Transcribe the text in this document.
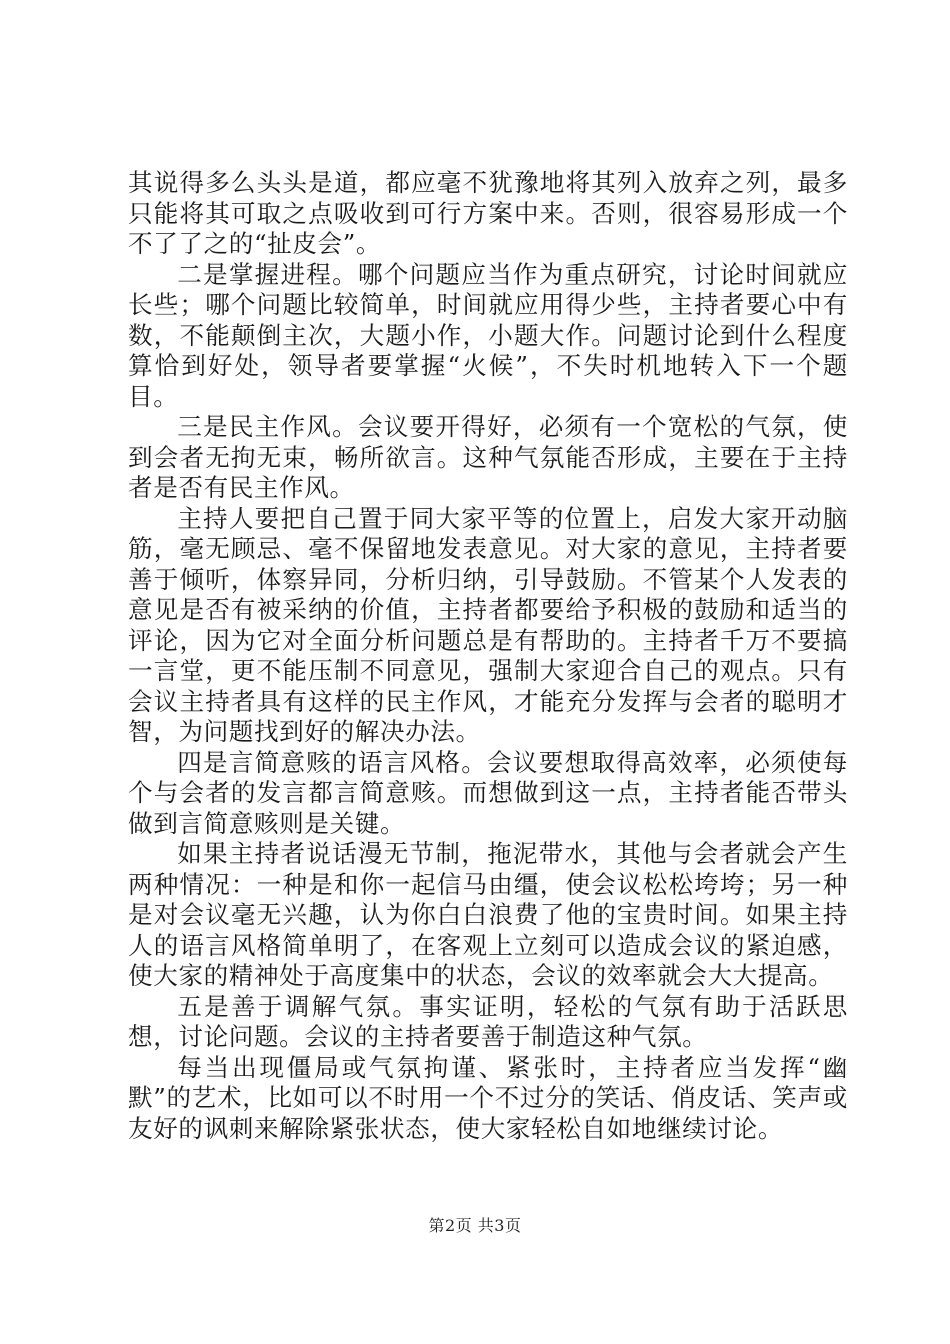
其说得多么头头是道，都应毫不犹豫地将其列入放弃之列，最多只能将其可取之点吸收到可行方案中来。否则，很容易形成一个不了了之的“扯皮会”。

二是掌握进程。哪个问题应当作为重点研究，讨论时间就应长些；哪个问题比较简单，时间就应用得少些，主持者要心中有数，不能颠倒主次，大题小作，小题大作。问题讨论到什么程度算恰到好处，领导者要掌握“火候”，不失时机地转入下一个题目。

三是民主作风。会议要开得好，必须有一个宽松的气氛，使到会者无拘无束，畅所欲言。这种气氛能否形成，主要在于主持者是否有民主作风。

主持人要把自己置于同大家平等的位置上，启发大家开动脑筋，毫无顾忌、毫不保留地发表意见。对大家的意见，主持者要善于倾听，体察异同，分析归纳，引导鼓励。不管某个人发表的意见是否有被采纳的价值，主持者都要给予积极的鼓励和适当的评论，因为它对全面分析问题总是有帮助的。主持者千万不要搞一言堂，更不能压制不同意见，强制大家迎合自己的观点。只有会议主持者具有这样的民主作风，才能充分发挥与会者的聪明才智，为问题找到好的解决办法。

四是言简意赅的语言风格。会议要想取得高效率，必须使每个与会者的发言都言简意赅。而想做到这一点，主持者能否带头做到言简意赅则是关键。

如果主持者说话漫无节制，拖泥带水，其他与会者就会产生两种情况：一种是和你一起信马由缰，使会议松松垮垮；另一种是对会议毫无兴趣，认为你白白浪费了他的宝贵时间。如果主持人的语言风格简单明了，在客观上立刻可以造成会议的紧迫感，使大家的精神处于高度集中的状态，会议的效率就会大大提高。

五是善于调解气氛。事实证明，轻松的气氛有助于活跃思想，讨论问题。会议的主持者要善于制造这种气氛。

每当出现僵局或气氛拘谨、紧张时，主持者应当发挥“幽默”的艺术，比如可以不时用一个不过分的笑话、俏皮话、笑声或友好的讽刺来解除紧张状态，使大家轻松自如地继续讨论。

第2页 共3页
